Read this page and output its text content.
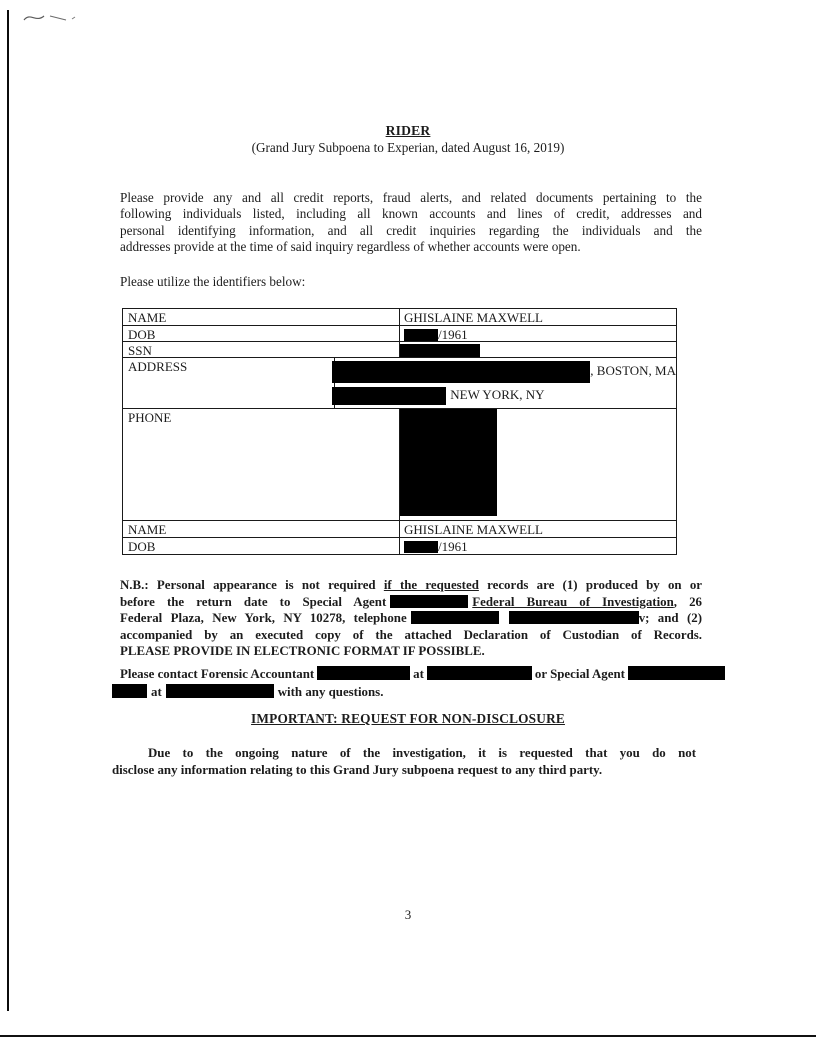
RIDER
(Grand Jury Subpoena to Experian, dated August 16, 2019)
Please provide any and all credit reports, fraud alerts, and related documents pertaining to the
following individuals listed, including all known accounts and lines of credit, addresses and
personal identifying information, and all credit inquiries regarding the individuals and the
addresses provide at the time of said inquiry regardless of whether accounts were open.
Please utilize the identifiers below:
NAME	GHISLAINE MAXWELL
DOB	/1961
SSN
ADDRESS	, BOSTON, MA
NEW YORK, NY
PHONE
NAME	GHISLAINE MAXWELL
DOB	/1961
N.B.: Personal appearance is not required if the requested records are (1) produced by on or
before the return date to Special Agent	Federal Bureau of Investigation, 26
Federal Plaza, New York, NY 10278, telephone	v; and (2)
accompanied by an executed copy of the attached Declaration of Custodian of Records.
PLEASE PROVIDE IN ELECTRONIC FORMAT IF POSSIBLE.
Please contact Forensic Accountant	at	or Special Agent
at	with any questions.
IMPORTANT: REQUEST FOR NON-DISCLOSURE
Due to the ongoing nature of the investigation, it is requested that you do not
disclose any information relating to this Grand Jury subpoena request to any third party.
3
